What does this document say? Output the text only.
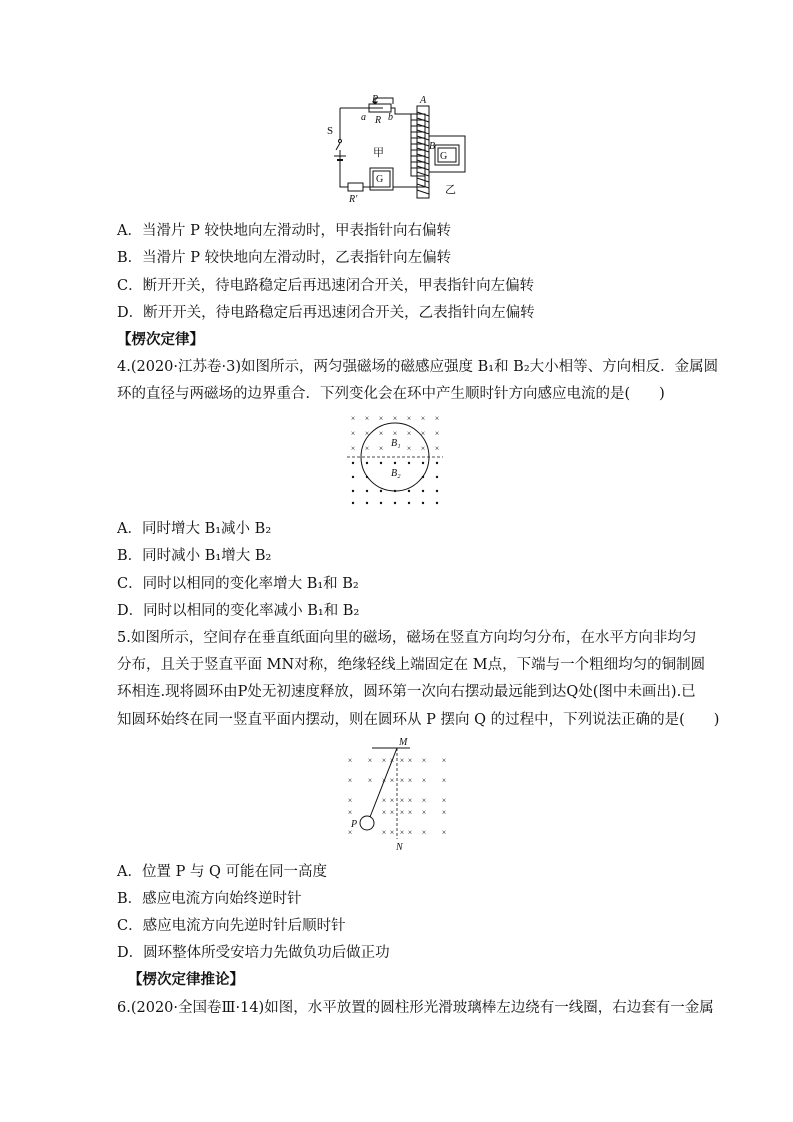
P
a R b
A
S
甲
B
G
G
R′
乙
A．当滑片 P 较快地向左滑动时，甲表指针向右偏转
B．当滑片 P 较快地向左滑动时，乙表指针向左偏转
C．断开开关，待电路稳定后再迅速闭合开关，甲表指针向左偏转
D．断开开关，待电路稳定后再迅速闭合开关，乙表指针向左偏转
【楞次定律】
4.(2020·江苏卷·3)如图所示，两匀强磁场的磁感应强度 B₁和 B₂大小相等、方向相反．金属圆
环的直径与两磁场的边界重合．下列变化会在环中产生顺时针方向感应电流的是(　　)
× × × × × × ×
× × × × × × ×
× × ×	× × ×
B₁
B₂
A．同时增大 B₁减小 B₂
B．同时减小 B₁增大 B₂
C．同时以相同的变化率增大 B₁和 B₂
D．同时以相同的变化率减小 B₁和 B₂
5.如图所示，空间存在垂直纸面向里的磁场，磁场在竖直方向均匀分布，在水平方向非均匀
分布，且关于竖直平面 MN对称，绝缘轻线上端固定在 M点，下端与一个粗细均匀的铜制圆
环相连.现将圆环由P处无初速度释放，圆环第一次向右摆动最远能到达Q处(图中未画出).已
知圆环始终在同一竖直平面内摆动，则在圆环从 P 摆向 Q 的过程中，下列说法正确的是(　　)
× × × × × × × ×
× × × × × × × ×
×	× × × × × ×
×	× × × × × ×
×	× × × × × ×
M
N
P
A．位置 P 与 Q 可能在同一高度
B．感应电流方向始终逆时针
C．感应电流方向先逆时针后顺时针
D．圆环整体所受安培力先做负功后做正功
【楞次定律推论】
6.(2020·全国卷Ⅲ·14)如图，水平放置的圆柱形光滑玻璃棒左边绕有一线圈，右边套有一金属
